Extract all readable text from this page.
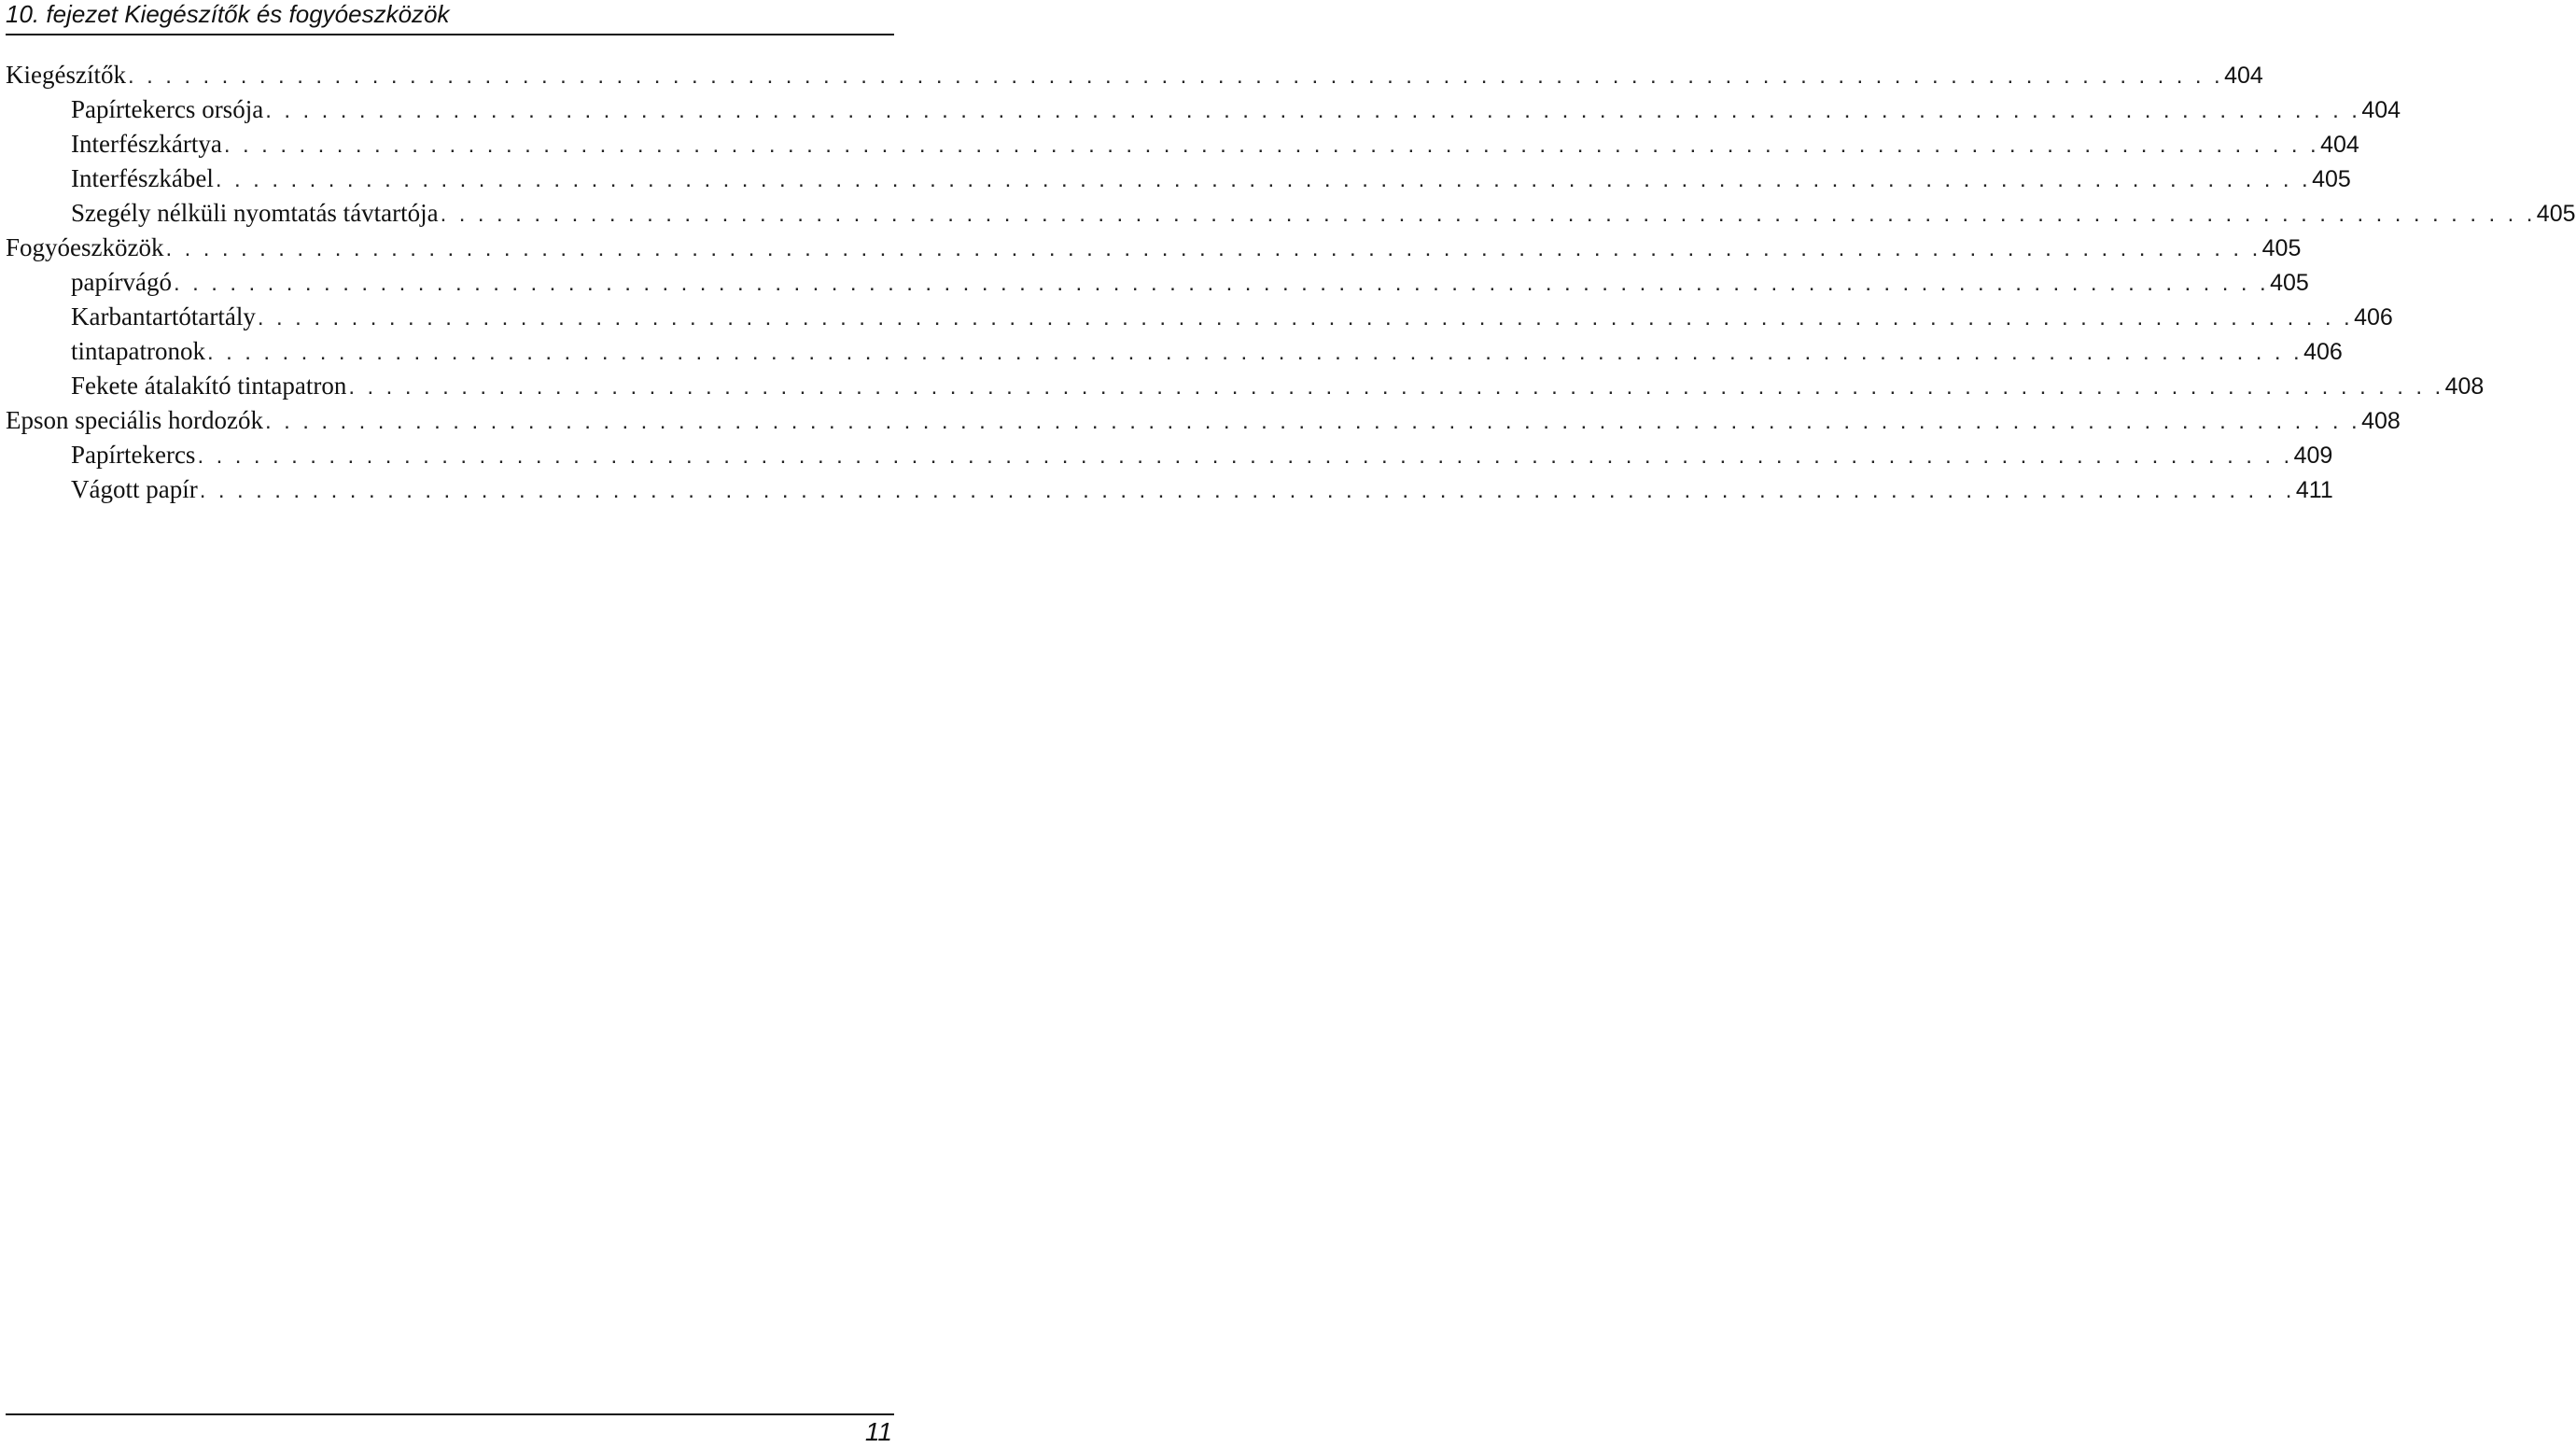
10. fejezet Kiegészítők és fogyóeszközök
Kiegészítők . . . . . . . . . . . . . . . . . . . . . . . . . . . . . . . . . . . . . . . . . . . . . . . . . . . . . . . . . . . . . . . . . . . . . . . . . . . . . . . . . . . . . . . . . . . . . . . . . . . . . . . . . . . . . . . . 404
Papírtekercs orsója . . . . . . . . . . . . . . . . . . . . . . . . . . . . . . . . . . . . . . . . . . . . . . . . . . . . . . . . . . . . . . . . . . . . . . . . . . . . . . . . . . . . . . . . . . . . . . . . . . . . . . . . . . . . . . . . 404
Interfészkártya . . . . . . . . . . . . . . . . . . . . . . . . . . . . . . . . . . . . . . . . . . . . . . . . . . . . . . . . . . . . . . . . . . . . . . . . . . . . . . . . . . . . . . . . . . . . . . . . . . . . . . . . . . . . . . . . 404
Interfészkábel . . . . . . . . . . . . . . . . . . . . . . . . . . . . . . . . . . . . . . . . . . . . . . . . . . . . . . . . . . . . . . . . . . . . . . . . . . . . . . . . . . . . . . . . . . . . . . . . . . . . . . . . . . . . . . . . 405
Szegély nélküli nyomtatás távtartója . . . . . . . . . . . . . . . . . . . . . . . . . . . . . . . . . . . . . . . . . . . . . . . . . . . . . . . . . . . . . . . . . . . . . . . . . . . . . . . . . . . . . . . . . . . . . . . . . . . . . . . . . . . . . . . . 405
Fogyóeszközök . . . . . . . . . . . . . . . . . . . . . . . . . . . . . . . . . . . . . . . . . . . . . . . . . . . . . . . . . . . . . . . . . . . . . . . . . . . . . . . . . . . . . . . . . . . . . . . . . . . . . . . . . . . . . . . . 405
papírvágó . . . . . . . . . . . . . . . . . . . . . . . . . . . . . . . . . . . . . . . . . . . . . . . . . . . . . . . . . . . . . . . . . . . . . . . . . . . . . . . . . . . . . . . . . . . . . . . . . . . . . . . . . . . . . . . . 405
Karbantartótartály . . . . . . . . . . . . . . . . . . . . . . . . . . . . . . . . . . . . . . . . . . . . . . . . . . . . . . . . . . . . . . . . . . . . . . . . . . . . . . . . . . . . . . . . . . . . . . . . . . . . . . . . . . . . . . . . 406
tintapatronok . . . . . . . . . . . . . . . . . . . . . . . . . . . . . . . . . . . . . . . . . . . . . . . . . . . . . . . . . . . . . . . . . . . . . . . . . . . . . . . . . . . . . . . . . . . . . . . . . . . . . . . . . . . . . . . . 406
Fekete átalakító tintapatron . . . . . . . . . . . . . . . . . . . . . . . . . . . . . . . . . . . . . . . . . . . . . . . . . . . . . . . . . . . . . . . . . . . . . . . . . . . . . . . . . . . . . . . . . . . . . . . . . . . . . . . . . . . . . . . . 408
Epson speciális hordozók . . . . . . . . . . . . . . . . . . . . . . . . . . . . . . . . . . . . . . . . . . . . . . . . . . . . . . . . . . . . . . . . . . . . . . . . . . . . . . . . . . . . . . . . . . . . . . . . . . . . . . . . . . . . . . . . 408
Papírtekercs . . . . . . . . . . . . . . . . . . . . . . . . . . . . . . . . . . . . . . . . . . . . . . . . . . . . . . . . . . . . . . . . . . . . . . . . . . . . . . . . . . . . . . . . . . . . . . . . . . . . . . . . . . . . . . . . 409
Vágott papír . . . . . . . . . . . . . . . . . . . . . . . . . . . . . . . . . . . . . . . . . . . . . . . . . . . . . . . . . . . . . . . . . . . . . . . . . . . . . . . . . . . . . . . . . . . . . . . . . . . . . . . . . . . . . . . . 411
11
